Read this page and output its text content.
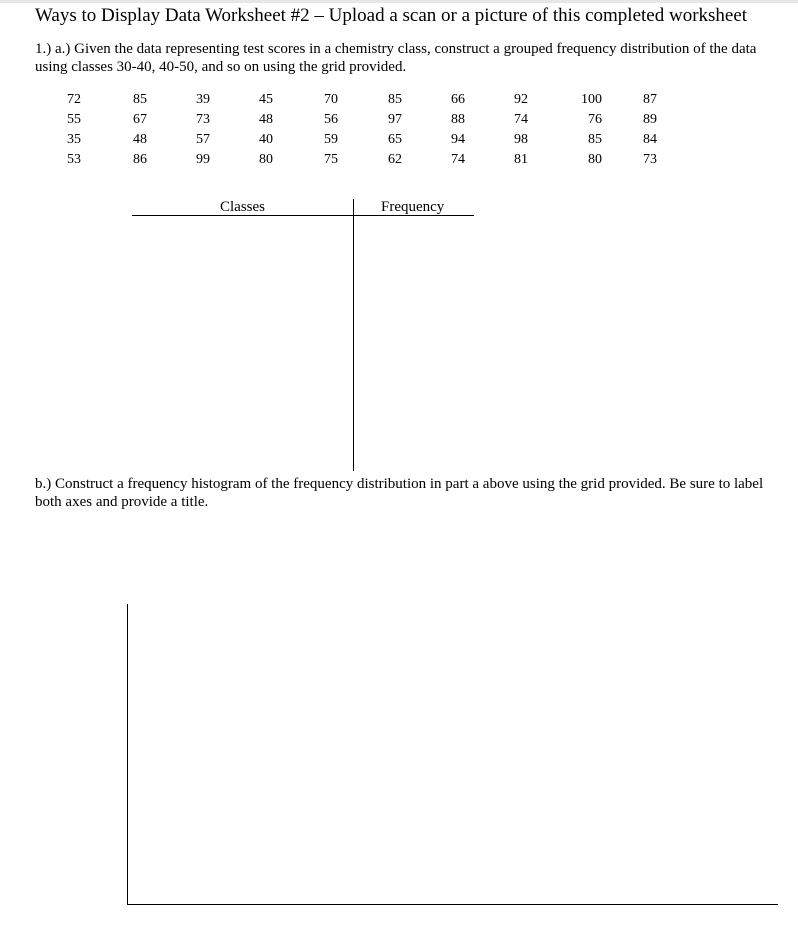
Ways to Display Data Worksheet #2 – Upload a scan or a picture of this completed worksheet
1.) a.) Given the data representing test scores in a chemistry class, construct a grouped frequency distribution of the data using classes 30-40, 40-50, and so on using the grid provided.
72	85	39	45	70	85	66	92	100	87
55	67	73	48	56	97	88	74	76	89
35	48	57	40	59	65	94	98	85	84
53	86	99	80	75	62	74	81	80	73
Classes	Frequency
b.) Construct a frequency histogram of the frequency distribution in part a above using the grid provided. Be sure to label both axes and provide a title.
